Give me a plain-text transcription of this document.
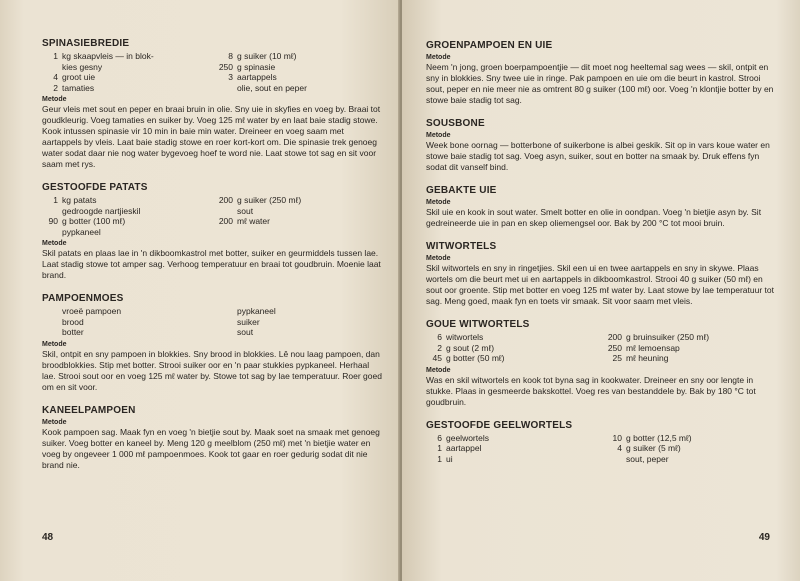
SPINASIEBREDIE
1 kg skaapvleis — in blok-
kies gesny
4 groot uie
2 tamaties
8 g suiker (10 mℓ)
250 g spinasie
3 aartappels
olie, sout en peper
Metode
Geur vleis met sout en peper en braai bruin in olie. Sny uie in skyfies en voeg by. Braai tot goudkleurig. Voeg tamaties en suiker by. Voeg 125 mℓ water by en laat baie stadig stowe. Kook intussen spinasie vir 10 min in baie min water. Dreineer en voeg saam met aartappels by vleis. Laat baie stadig stowe en roer kort-kort om. Die spinasie trek genoeg water sodat daar nie nog water bygevoeg hoef te word nie. Laat stowe tot sag en sit voor saam met rys.
GESTOOFDE PATATS
1 kg patats
gedroogde nartjieskil
90 g botter (100 mℓ)
pypkaneel
200 g suiker (250 mℓ)
sout
200 mℓ water
Metode
Skil patats en plaas lae in 'n dikboomkastrol met botter, suiker en geurmiddels tussen lae. Laat stadig stowe tot amper sag. Verhoog temperatuur en braai tot goudbruin. Moenie laat brand.
PAMPOENMOES
vroeë pampoen
brood
botter
pypkaneel
suiker
sout
Metode
Skil, ontpit en sny pampoen in blokkies. Sny brood in blokkies. Lê nou laag pampoen, dan broodblokkies. Stip met botter. Strooi suiker oor en 'n paar stukkies pypkaneel. Herhaal lae. Strooi sout oor en voeg 125 mℓ water by. Stowe tot sag by lae temperatuur. Roer goed om en sit voor.
KANEELPAMPOEN
Metode
Kook pampoen sag. Maak fyn en voeg 'n bietjie sout by. Maak soet na smaak met genoeg suiker. Voeg botter en kaneel by. Meng 120 g meelblom (250 mℓ) met 'n bietjie water en voeg by ongeveer 1 000 mℓ pampoenmoes. Kook tot gaar en roer gedurig sodat dit nie brand nie.
48
GROENPAMPOEN EN UIE
Metode
Neem 'n jong, groen boerpampoentjie — dit moet nog heeltemal sag wees — skil, ontpit en sny in blokkies. Sny twee uie in ringe. Pak pampoen en uie om die beurt in kastrol. Strooi sout, peper en nie meer nie as omtrent 80 g suiker (100 mℓ) oor. Voeg 'n klontjie botter by en stowe baie stadig tot sag.
SOUSBONE
Metode
Week bone oornag — botterbone of suikerbone is albei geskik. Sit op in vars koue water en stowe baie stadig tot sag. Voeg asyn, suiker, sout en botter na smaak by. Druk effens fyn sodat dit vanself bind.
GEBAKTE UIE
Metode
Skil uie en kook in sout water. Smelt botter en olie in oondpan. Voeg 'n bietjie asyn by. Sit gedreineerde uie in pan en skep oliemengsel oor. Bak by 200 °C tot mooi bruin.
WITWORTELS
Metode
Skil witwortels en sny in ringetjies. Skil een ui en twee aartappels en sny in skywe. Plaas wortels om die beurt met ui en aartappels in dikboomkastrol. Strooi 40 g suiker (50 mℓ) en sout oor groente. Stip met botter en voeg 125 mℓ water by. Laat stowe by lae temperatuur tot sag. Meng goed, maak fyn en toets vir smaak. Sit voor saam met vleis.
GOUE WITWORTELS
6 witwortels
2 g sout (2 mℓ)
45 g botter (50 mℓ)
200 g bruinsuiker (250 mℓ)
250 mℓ lemoensap
25 mℓ heuning
Metode
Was en skil witwortels en kook tot byna sag in kookwater. Dreineer en sny oor lengte in stukke. Plaas in gesmeerde bakskottel. Voeg res van bestanddele by. Bak by 180 °C tot goudbruin.
GESTOOFDE GEELWORTELS
6 geelwortels
1 aartappel
1 ui
10 g botter (12,5 mℓ)
4 g suiker (5 mℓ)
sout, peper
49
